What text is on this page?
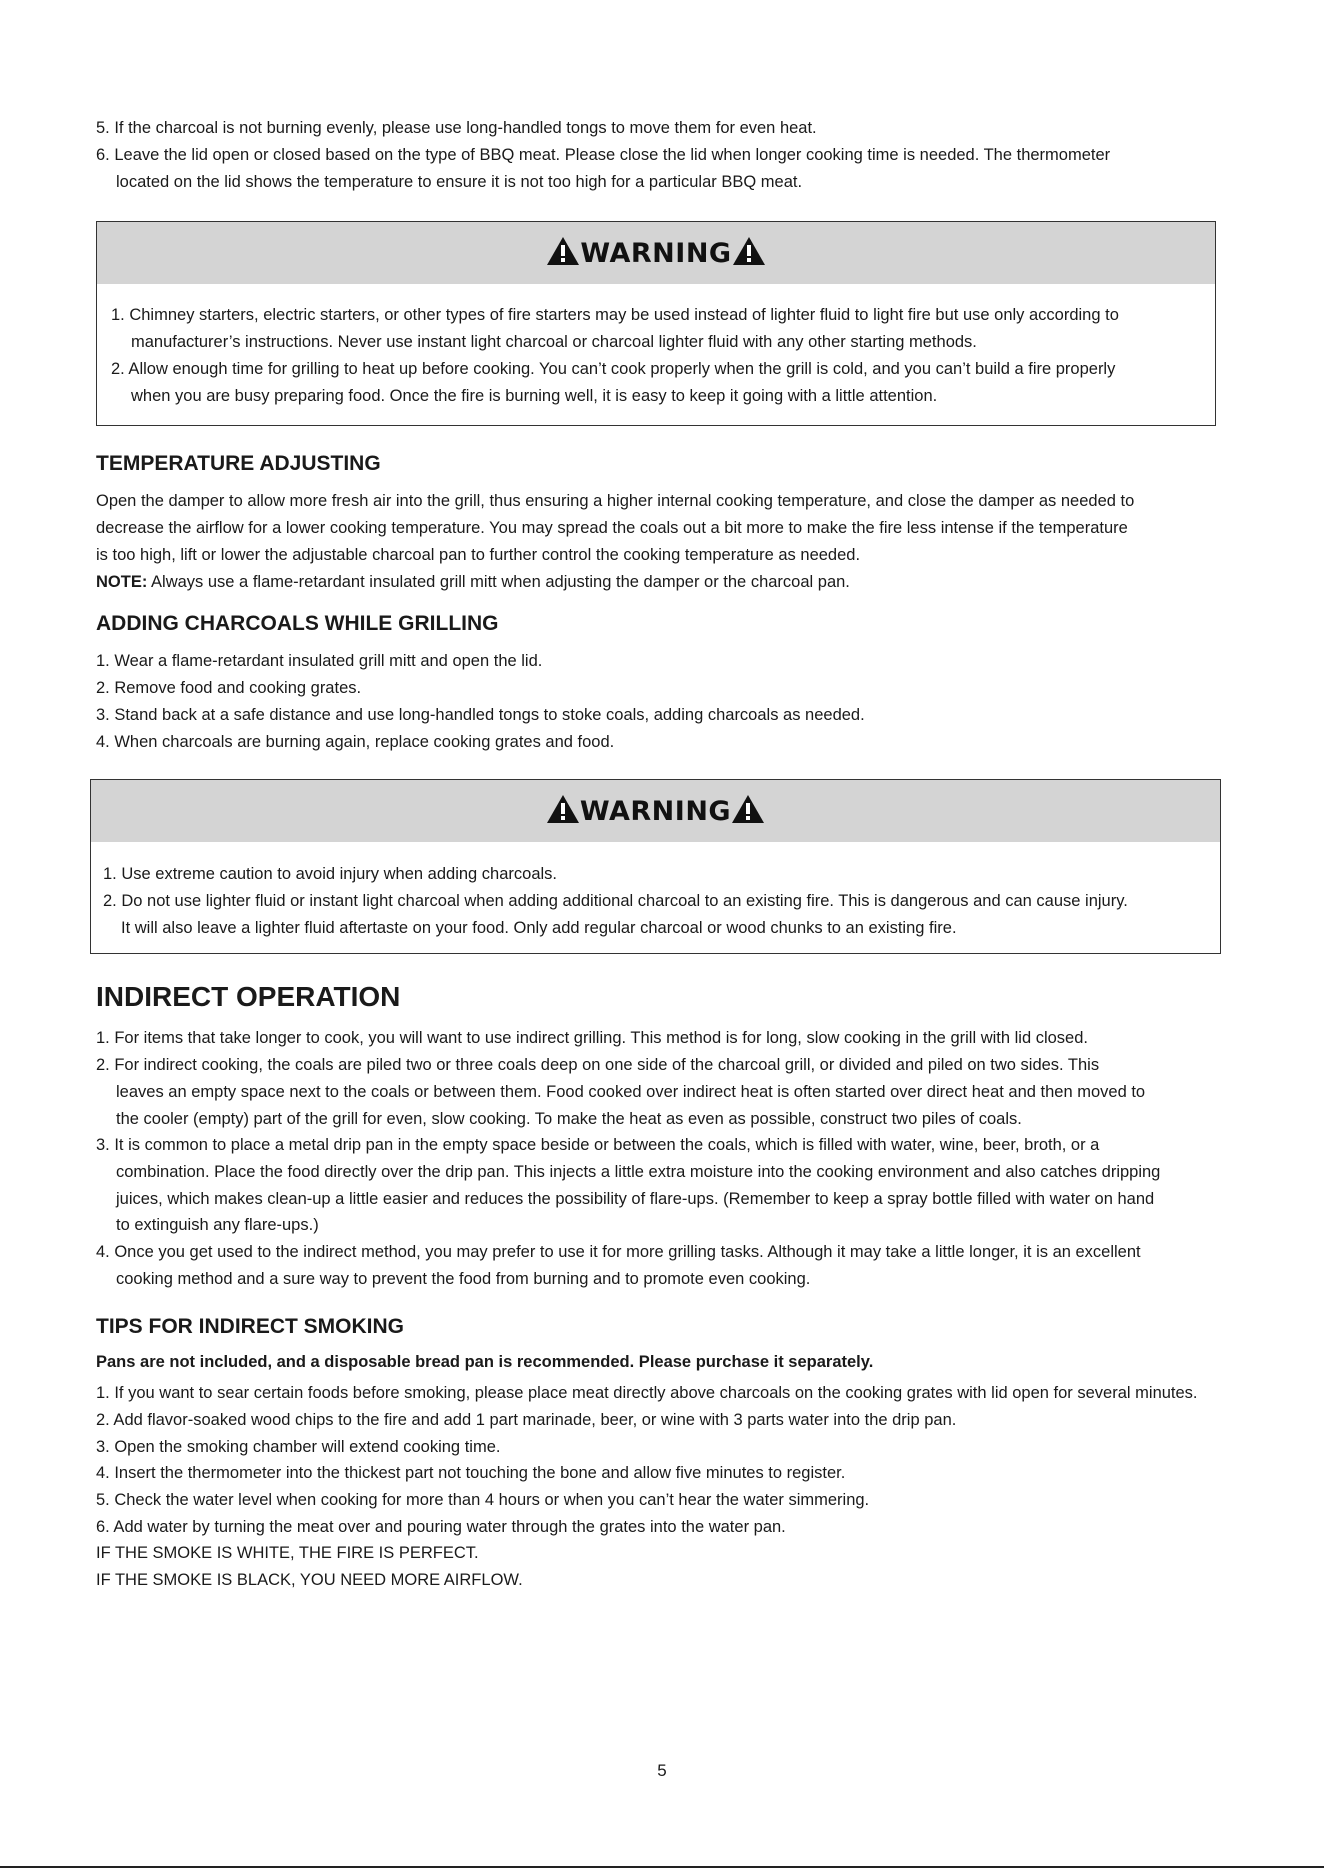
5. If the charcoal is not burning evenly, please use long-handled tongs to move them for even heat.
6. Leave the lid open or closed based on the type of BBQ meat. Please close the lid when longer cooking time is needed. The thermometer
located on the lid shows the temperature to ensure it is not too high for a particular BBQ meat.
WARNING
1. Chimney starters, electric starters, or other types of fire starters may be used instead of lighter fluid to light fire but use only according to
manufacturer’s instructions. Never use instant light charcoal or charcoal lighter fluid with any other starting methods.
2. Allow enough time for grilling to heat up before cooking. You can’t cook properly when the grill is cold, and you can’t build a fire properly
when you are busy preparing food. Once the fire is burning well, it is easy to keep it going with a little attention.
TEMPERATURE ADJUSTING
Open the damper to allow more fresh air into the grill, thus ensuring a higher internal cooking temperature, and close the damper as needed to
decrease the airflow for a lower cooking temperature. You may spread the coals out a bit more to make the fire less intense if the temperature
is too high, lift or lower the adjustable charcoal pan to further control the cooking temperature as needed.
NOTE: Always use a flame-retardant insulated grill mitt when adjusting the damper or the charcoal pan.
ADDING CHARCOALS WHILE GRILLING
1. Wear a flame-retardant insulated grill mitt and open the lid.
2. Remove food and cooking grates.
3. Stand back at a safe distance and use long-handled tongs to stoke coals, adding charcoals as needed.
4. When charcoals are burning again, replace cooking grates and food.
WARNING
1. Use extreme caution to avoid injury when adding charcoals.
2. Do not use lighter fluid or instant light charcoal when adding additional charcoal to an existing fire. This is dangerous and can cause injury.
It will also leave a lighter fluid aftertaste on your food. Only add regular charcoal or wood chunks to an existing fire.
INDIRECT OPERATION
1. For items that take longer to cook, you will want to use indirect grilling. This method is for long, slow cooking in the grill with lid closed.
2. For indirect cooking, the coals are piled two or three coals deep on one side of the charcoal grill, or divided and piled on two sides. This
leaves an empty space next to the coals or between them. Food cooked over indirect heat is often started over direct heat and then moved to
the cooler (empty) part of the grill for even, slow cooking. To make the heat as even as possible, construct two piles of coals.
3. It is common to place a metal drip pan in the empty space beside or between the coals, which is filled with water, wine, beer, broth, or a
combination. Place the food directly over the drip pan. This injects a little extra moisture into the cooking environment and also catches dripping
juices, which makes clean-up a little easier and reduces the possibility of flare-ups. (Remember to keep a spray bottle filled with water on hand
to extinguish any flare-ups.)
4. Once you get used to the indirect method, you may prefer to use it for more grilling tasks. Although it may take a little longer, it is an excellent
cooking method and a sure way to prevent the food from burning and to promote even cooking.
TIPS FOR INDIRECT SMOKING
Pans are not included, and a disposable bread pan is recommended. Please purchase it separately.
1. If you want to sear certain foods before smoking, please place meat directly above charcoals on the cooking grates with lid open for several minutes.
2. Add flavor-soaked wood chips to the fire and add 1 part marinade, beer, or wine with 3 parts water into the drip pan.
3. Open the smoking chamber will extend cooking time.
4. Insert the thermometer into the thickest part not touching the bone and allow five minutes to register.
5. Check the water level when cooking for more than 4 hours or when you can’t hear the water simmering.
6. Add water by turning the meat over and pouring water through the grates into the water pan.
IF THE SMOKE IS WHITE, THE FIRE IS PERFECT.
IF THE SMOKE IS BLACK, YOU NEED MORE AIRFLOW.
5
